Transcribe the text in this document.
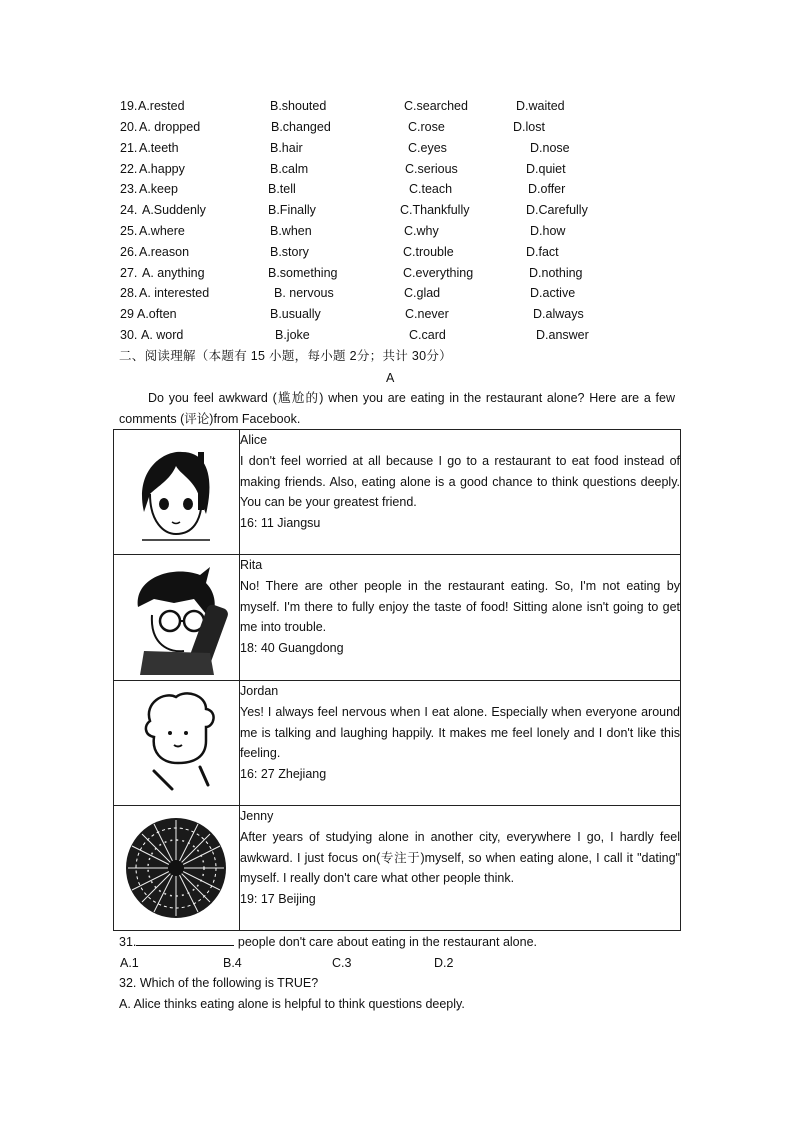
19. A.rested	B.shouted	C.searched	D.waited
20. A. dropped	B.changed	C.rose	D.lost
21. A.teeth	B.hair	C.eyes	D.nose
22. A.happy	B.calm	C.serious	D.quiet
23. A.keep	B.tell	C.teach	D.offer
24. A.Suddenly	B.Finally	C.Thankfully	D.Carefully
25. A.where	B.when	C.why	D.how
26. A.reason	B.story	C.trouble	D.fact
27. A. anything	B.something	C.everything	D.nothing
28. A. interested	B. nervous	C.glad	D.active
29 A.often	B.usually	C.never	D.always
30. A. word	B.joke	C.card	D.answer
二、阅读理解（本题有 15 小题，每小题 2分；共计 30分）
A
Do you feel awkward (尴尬的) when you are eating in the restaurant alone? Here are a few comments (评论)from Facebook.

Alice
I don't feel worried at all because I go to a restaurant to eat food instead of making friends. Also, eating alone is a good chance to think questions deeply. You can be your greatest friend.
16: 11 Jiangsu

Rita
No! There are other people in the restaurant eating. So, I'm not eating by myself. I'm there to fully enjoy the taste of food! Sitting alone isn't going to get me into trouble.
18: 40 Guangdong

Jordan
Yes! I always feel nervous when I eat alone. Especially when everyone around me is talking and laughing happily. It makes me feel lonely and I don't like this feeling.
16: 27 Zhejiang

Jenny
After years of studying alone in another city, everywhere I go, I hardly feel awkward. I just focus on(专注于)myself, so when eating alone, I call it "dating" myself. I really don't care what other people think.
19: 17 Beijing
31.	people don't care about eating in the restaurant alone.
A.1	B.4	C.3	D.2
32. Which of the following is TRUE?
A. Alice thinks eating alone is helpful to think questions deeply.
